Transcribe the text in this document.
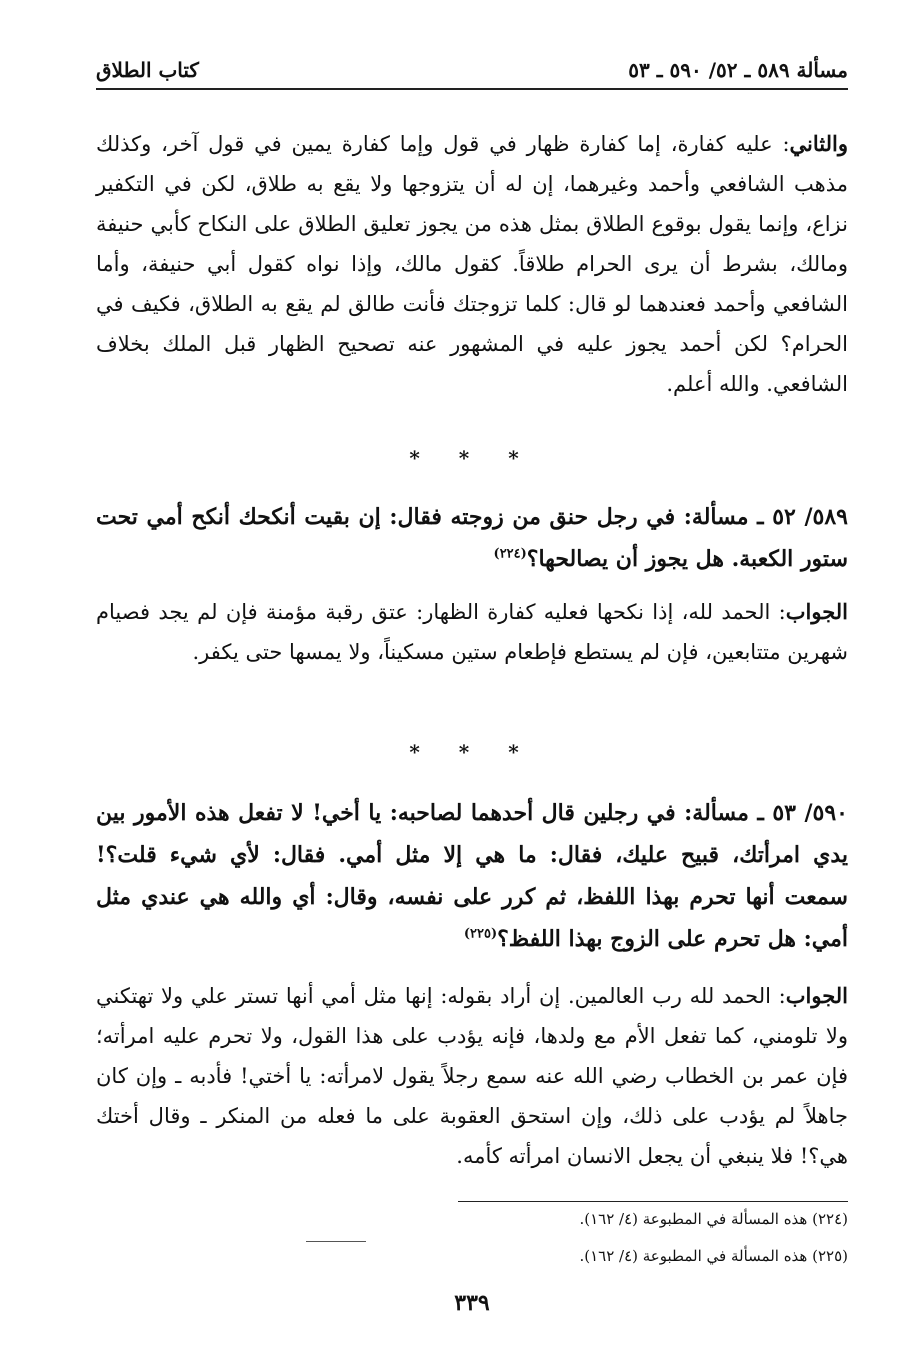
مسألة ٥٨٩ ـ ٥٢/ ٥٩٠ ـ ٥٣
كتاب الطلاق

والثاني: عليه كفارة، إما كفارة ظهار في قول وإما كفارة يمين في قول آخر، وكذلك مذهب الشافعي وأحمد وغيرهما، إن له أن يتزوجها ولا يقع به طلاق، لكن في التكفير نزاع، وإنما يقول بوقوع الطلاق بمثل هذه من يجوز تعليق الطلاق على النكاح كأبي حنيفة ومالك، بشرط أن يرى الحرام طلاقاً. كقول مالك، وإذا نواه كقول أبي حنيفة، وأما الشافعي وأحمد فعندهما لو قال: كلما تزوجتك فأنت طالق لم يقع به الطلاق، فكيف في الحرام؟ لكن أحمد يجوز عليه في المشهور عنه تصحيح الظهار قبل الملك بخلاف الشافعي. والله أعلم.

* * *

٥٨٩/ ٥٢ ـ مسألة: في رجل حنق من زوجته فقال: إن بقيت أنكحك أنكح أمي تحت ستور الكعبة. هل يجوز أن يصالحها؟$^{(٢٢٤)}$

الجواب: الحمد لله، إذا نكحها فعليه كفارة الظهار: عتق رقبة مؤمنة فإن لم يجد فصيام شهرين متتابعين، فإن لم يستطع فإطعام ستين مسكيناً، ولا يمسها حتى يكفر.

* * *

٥٩٠/ ٥٣ ـ مسألة: في رجلين قال أحدهما لصاحبه: يا أخي! لا تفعل هذه الأمور بين يدي امرأتك، قبيح عليك، فقال: ما هي إلا مثل أمي. فقال: لأي شيء قلت؟! سمعت أنها تحرم بهذا اللفظ، ثم كرر على نفسه، وقال: أي والله هي عندي مثل أمي: هل تحرم على الزوج بهذا اللفظ؟$^{(٢٢٥)}$

الجواب: الحمد لله رب العالمين. إن أراد بقوله: إنها مثل أمي أنها تستر علي ولا تهتكني ولا تلومني، كما تفعل الأم مع ولدها، فإنه يؤدب على هذا القول، ولا تحرم عليه امرأته؛ فإن عمر بن الخطاب رضي الله عنه سمع رجلاً يقول لامرأته: يا أختي! فأدبه ـ وإن كان جاهلاً لم يؤدب على ذلك، وإن استحق العقوبة على ما فعله من المنكر ـ وقال أختك هي؟! فلا ينبغي أن يجعل الانسان امرأته كأمه.

(٢٢٤) هذه المسألة في المطبوعة (٤/ ١٦٢).

(٢٢٥) هذه المسألة في المطبوعة (٤/ ١٦٢).

٣٣٩
